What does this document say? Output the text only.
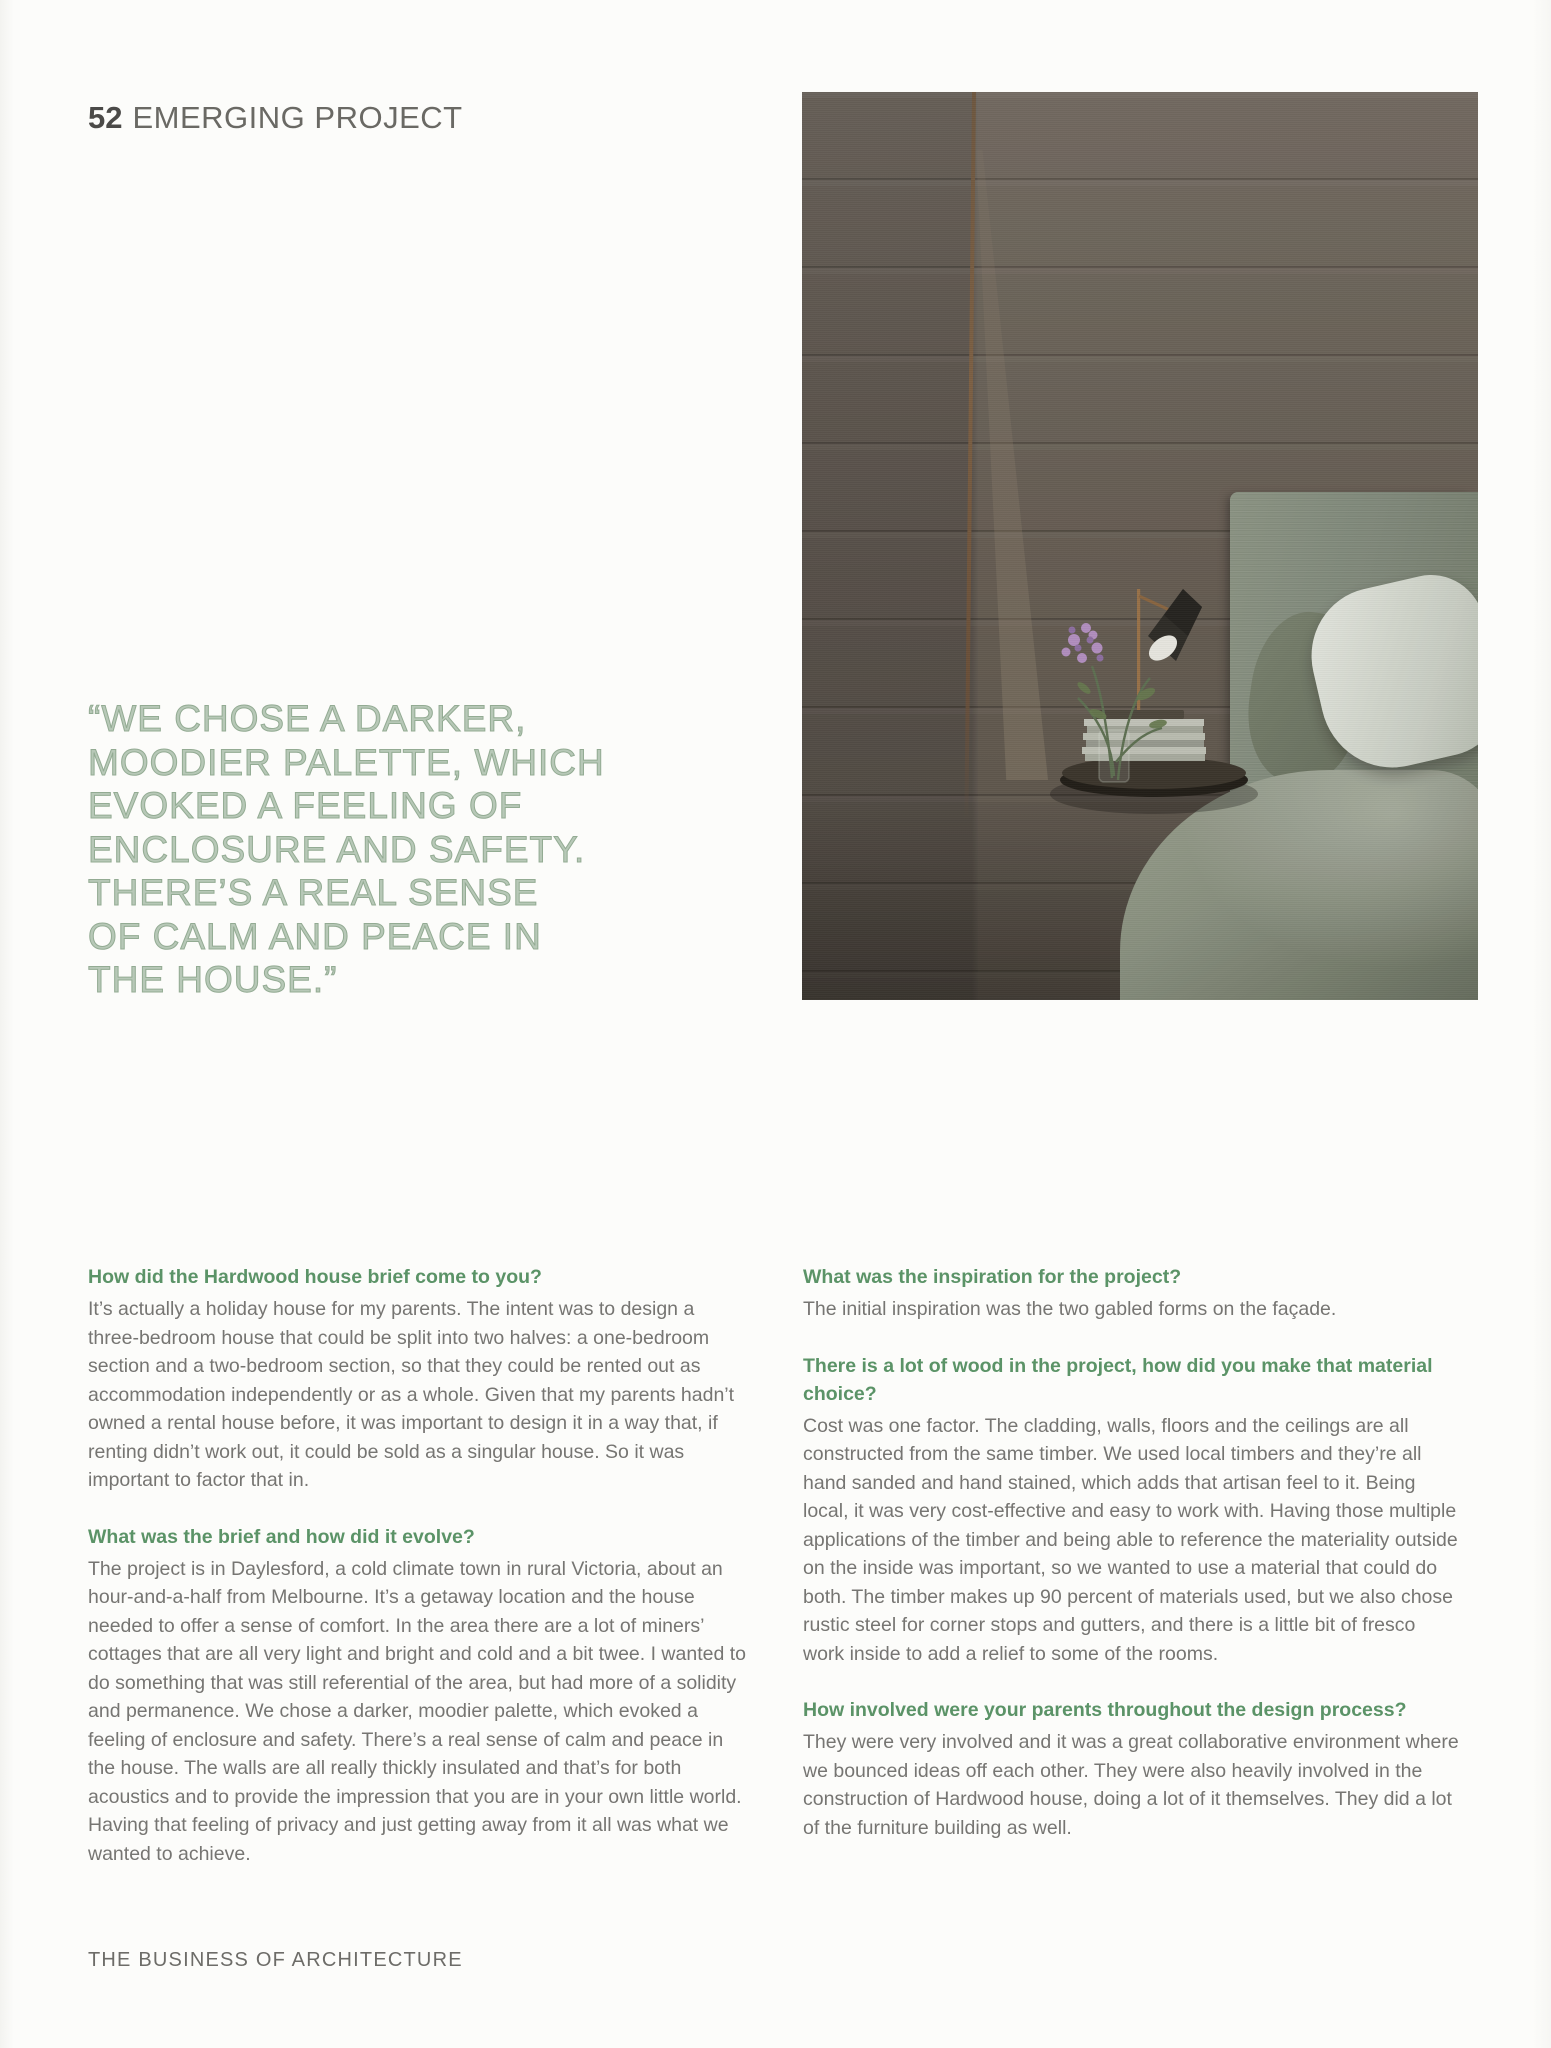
52 EMERGING PROJECT
“WE CHOSE A DARKER,
MOODIER PALETTE, WHICH
EVOKED A FEELING OF
ENCLOSURE AND SAFETY.
THERE’S A REAL SENSE
OF CALM AND PEACE IN
THE HOUSE.”

How did the Hardwood house brief come to you?

It’s actually a holiday house for my parents. The intent was to design a three-bedroom house that could be split into two halves: a one-bedroom section and a two-bedroom section, so that they could be rented out as accommodation independently or as a whole. Given that my parents hadn’t owned a rental house before, it was important to design it in a way that, if renting didn’t work out, it could be sold as a singular house. So it was important to factor that in.

What was the brief and how did it evolve?

The project is in Daylesford, a cold climate town in rural Victoria, about an hour-and-a-half from Melbourne. It’s a getaway location and the house needed to offer a sense of comfort. In the area there are a lot of miners’ cottages that are all very light and bright and cold and a bit twee. I wanted to do something that was still referential of the area, but had more of a solidity and permanence. We chose a darker, moodier palette, which evoked a feeling of enclosure and safety. There’s a real sense of calm and peace in the house. The walls are all really thickly insulated and that’s for both acoustics and to provide the impression that you are in your own little world. Having that feeling of privacy and just getting away from it all was what we wanted to achieve.

What was the inspiration for the project?

The initial inspiration was the two gabled forms on the façade.

There is a lot of wood in the project, how did you make that material choice?

Cost was one factor. The cladding, walls, floors and the ceilings are all constructed from the same timber. We used local timbers and they’re all hand sanded and hand stained, which adds that artisan feel to it. Being local, it was very cost-effective and easy to work with. Having those multiple applications of the timber and being able to reference the materiality outside on the inside was important, so we wanted to use a material that could do both. The timber makes up 90 percent of materials used, but we also chose rustic steel for corner stops and gutters, and there is a little bit of fresco work inside to add a relief to some of the rooms.

How involved were your parents throughout the design process?

They were very involved and it was a great collaborative environment where we bounced ideas off each other. They were also heavily involved in the construction of Hardwood house, doing a lot of it themselves. They did a lot of the furniture building as well.

THE BUSINESS OF ARCHITECTURE
